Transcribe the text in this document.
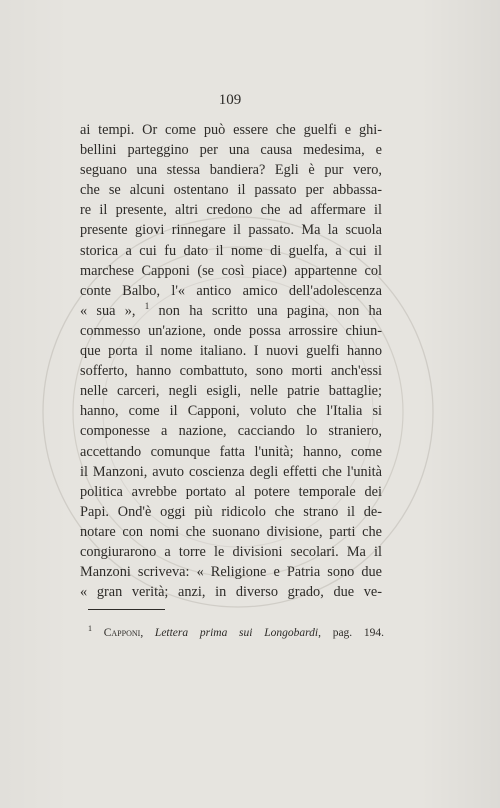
109
ai tempi. Or come può essere che guelfi e ghi-
bellini parteggino per una causa medesima, e
seguano una stessa bandiera? Egli è pur vero,
che se alcuni ostentano il passato per abbassa-
re il presente, altri credono che ad affermare il
presente giovi rinnegare il passato. Ma la scuola
storica a cui fu dato il nome di guelfa, a cui il
marchese Capponi (se così piace) appartenne col
conte Balbo, l'« antico amico dell'adolescenza
« sua », $^1$ non ha scritto una pagina, non ha
commesso un'azione, onde possa arrossire chiun-
que porta il nome italiano. I nuovi guelfi hanno
sofferto, hanno combattuto, sono morti anch'essi
nelle carceri, negli esigli, nelle patrie battaglie;
hanno, come il Capponi, voluto che l'Italia si
componesse a nazione, cacciando lo straniero,
accettando comunque fatta l'unità; hanno, come
il Manzoni, avuto coscienza degli effetti che l'unità
politica avrebbe portato al potere temporale dei
Papi. Ond'è oggi più ridicolo che strano il de-
notare con nomi che suonano divisione, parti che
congiurarono a torre le divisioni secolari. Ma il
Manzoni scriveva: « Religione e Patria sono due
« gran verità; anzi, in diverso grado, due ve-
$^1$ Capponi, Lettera prima sui Longobardi, pag. 194.
